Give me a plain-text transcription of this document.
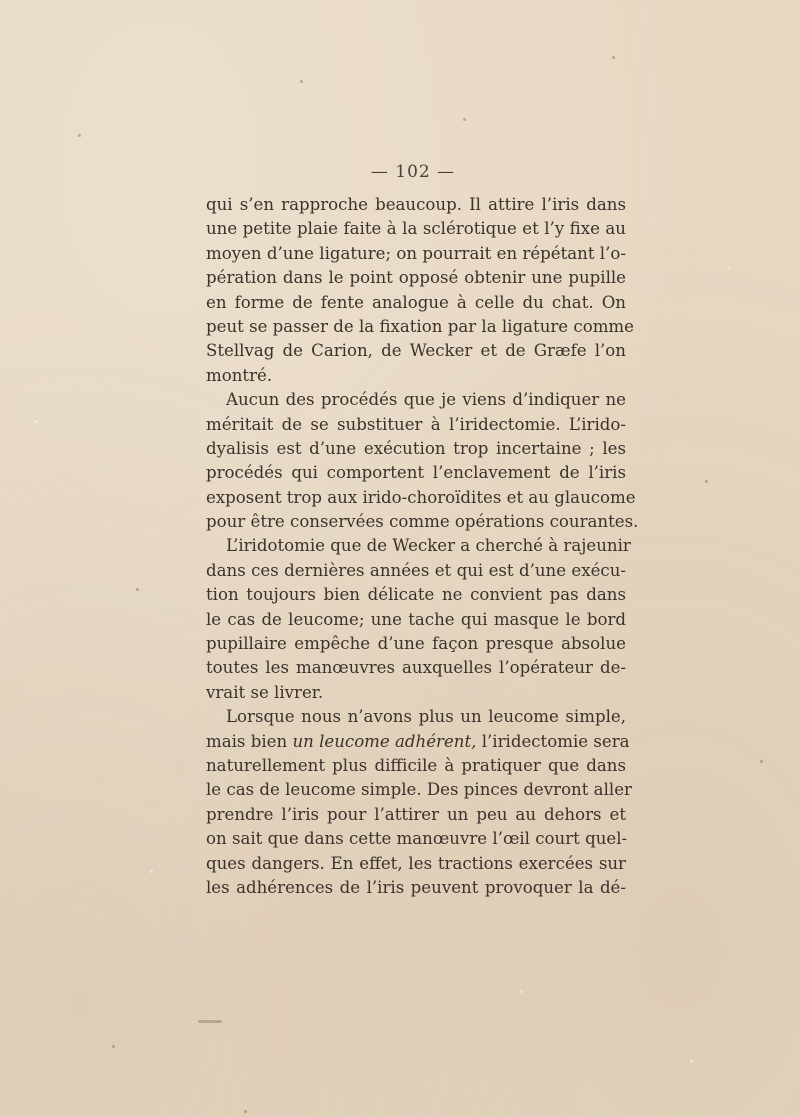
— 102 —
qui s’en rapproche beaucoup. Il attire l’iris dans
une petite plaie faite à la sclérotique et l’y fixe au
moyen d’une ligature; on pourrait en répétant l’o-
pération dans le point opposé obtenir une pupille
en forme de fente analogue à celle du chat. On
peut se passer de la fixation par la ligature comme
Stellvag de Carion, de Wecker et de Græfe l’on
montré.
Aucun des procédés que je viens d’indiquer ne
méritait de se substituer à l’iridectomie. L’irido-
dyalisis est d’une exécution trop incertaine ; les
procédés qui comportent l’enclavement de l’iris
exposent trop aux irido-choroïdites et au glaucome
pour être conservées comme opérations courantes.
L’iridotomie que de Wecker a cherché à rajeunir
dans ces dernières années et qui est d’une exécu-
tion toujours bien délicate ne convient pas dans
le cas de leucome; une tache qui masque le bord
pupillaire empêche d’une façon presque absolue
toutes les manœuvres auxquelles l’opérateur de-
vrait se livrer.
Lorsque nous n’avons plus un leucome simple,
mais bien un leucome adhérent, l’iridectomie sera
naturellement plus difficile à pratiquer que dans
le cas de leucome simple. Des pinces devront aller
prendre l’iris pour l’attirer un peu au dehors et
on sait que dans cette manœuvre l’œil court quel-
ques dangers. En effet, les tractions exercées sur
les adhérences de l’iris peuvent provoquer la dé-
